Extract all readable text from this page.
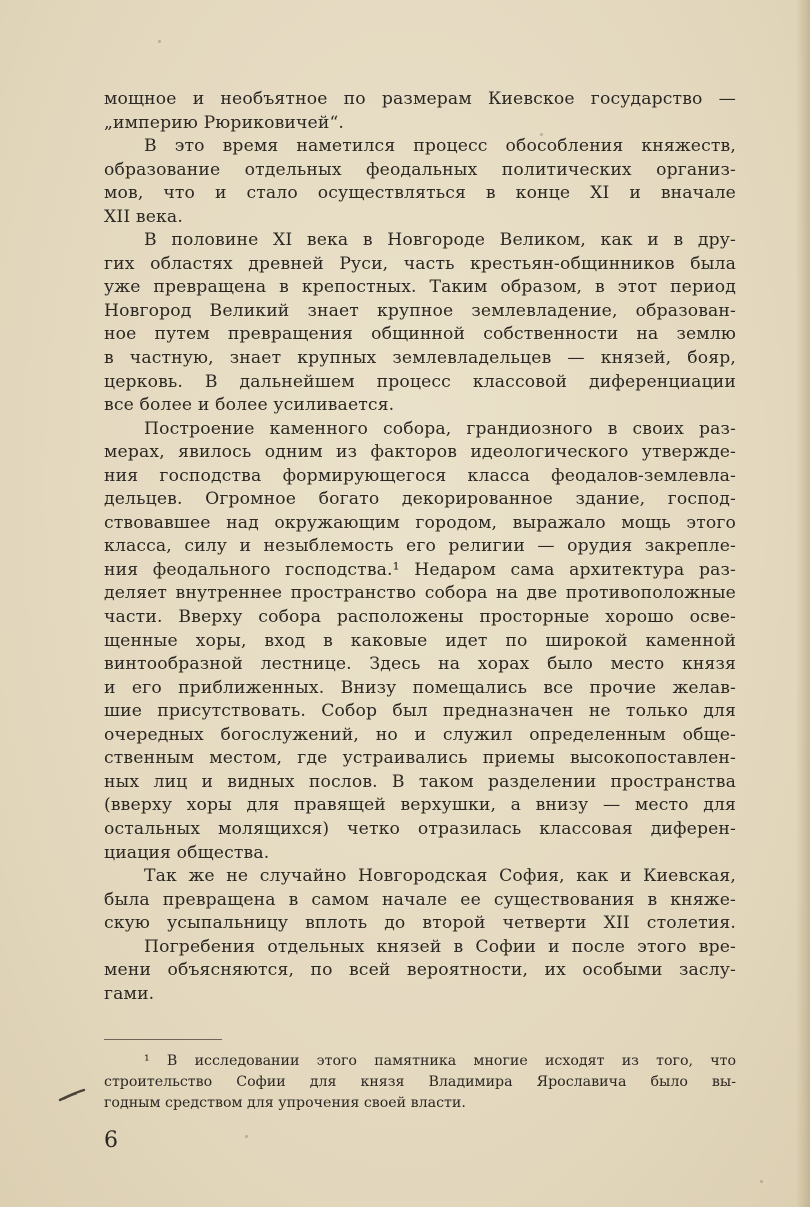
мощное и необъятное по размерам Киевское государство —
„империю Рюриковичей“.
В это время наметился процесс обособления княжеств,
образование отдельных феодальных политических организ-
мов, что и стало осуществляться в конце XI и вначале
XII века.
В половине XI века в Новгороде Великом, как и в дру-
гих областях древней Руси, часть крестьян-общинников была
уже превращена в крепостных. Таким образом, в этот период
Новгород Великий знает крупное землевладение, образован-
ное путем превращения общинной собственности на землю
в частную, знает крупных землевладельцев — князей, бояр,
церковь. В дальнейшем процесс классовой диференциации
все более и более усиливается.
Построение каменного собора, грандиозного в своих раз-
мерах, явилось одним из факторов идеологического утвержде-
ния господства формирующегося класса феодалов-землевла-
дельцев. Огромное богато декорированное здание, господ-
ствовавшее над окружающим городом, выражало мощь этого
класса, силу и незыблемость его религии — орудия закрепле-
ния феодального господства.¹ Недаром сама архитектура раз-
деляет внутреннее пространство собора на две противоположные
части. Вверху собора расположены просторные хорошо осве-
щенные хоры, вход в каковые идет по широкой каменной
винтообразной лестнице. Здесь на хорах было место князя
и его приближенных. Внизу помещались все прочие желав-
шие присутствовать. Собор был предназначен не только для
очередных богослужений, но и служил определенным обще-
ственным местом, где устраивались приемы высокопоставлен-
ных лиц и видных послов. В таком разделении пространства
(вверху хоры для правящей верхушки, а внизу — место для
остальных молящихся) четко отразилась классовая диферен-
циация общества.
Так же не случайно Новгородская София, как и Киевская,
была превращена в самом начале ее существования в княже-
скую усыпальницу вплоть до второй четверти XII столетия.
Погребения отдельных князей в Софии и после этого вре-
мени объясняются, по всей вероятности, их особыми заслу-
гами.
¹ В исследовании этого памятника многие исходят из того, что
строительство Софии для князя Владимира Ярославича было вы-
годным средством для упрочения своей власти.
6
